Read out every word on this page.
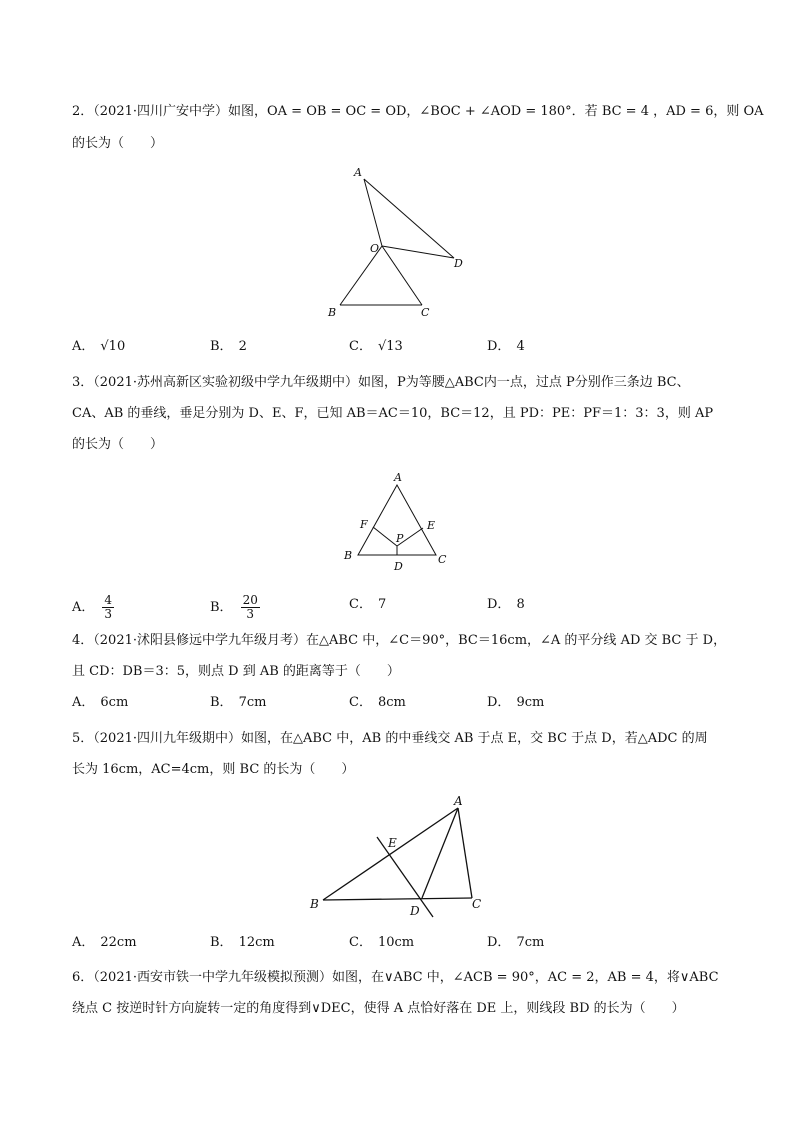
2．（2021·四川广安中学）如图，OA = OB = OC = OD，∠BOC + ∠AOD = 180°．若 BC = 4 ，AD = 6，则 OA
的长为（　　）
A
O
D
B	C
A． √10	B． 2	C． √13	D． 4
3．（2021·苏州高新区实验初级中学九年级期中）如图，P为等腰△ABC内一点，过点 P分别作三条边 BC、
CA、AB 的垂线，垂足分别为 D、E、F，已知 AB＝AC＝10，BC＝12，且 PD：PE：PF＝1：3：3，则 AP
的长为（　　）
A
F	E
P
B
D
C
A． $\frac{4}{3}$	B． $\frac{20}{3}$	C． 7	D． 8
4．（2021·沭阳县修远中学九年级月考）在△ABC 中，∠C＝90°，BC＝16cm，∠A 的平分线 AD 交 BC 于 D，
且 CD：DB＝3：5，则点 D 到 AB 的距离等于（　　）
A． 6cm	B． 7cm	C． 8cm	D． 9cm
5．（2021·四川九年级期中）如图，在△ABC 中，AB 的中垂线交 AB 于点 E，交 BC 于点 D，若△ADC 的周
长为 16cm，AC=4cm，则 BC 的长为（　　）
A
E
B	D	C
A． 22cm	B． 12cm	C． 10cm	D． 7cm
6．（2021·西安市铁一中学九年级模拟预测）如图，在∨ABC 中，∠ACB = 90°，AC = 2，AB = 4，将∨ABC
绕点 C 按逆时针方向旋转一定的角度得到∨DEC，使得 A 点恰好落在 DE 上，则线段 BD 的长为（　　）
